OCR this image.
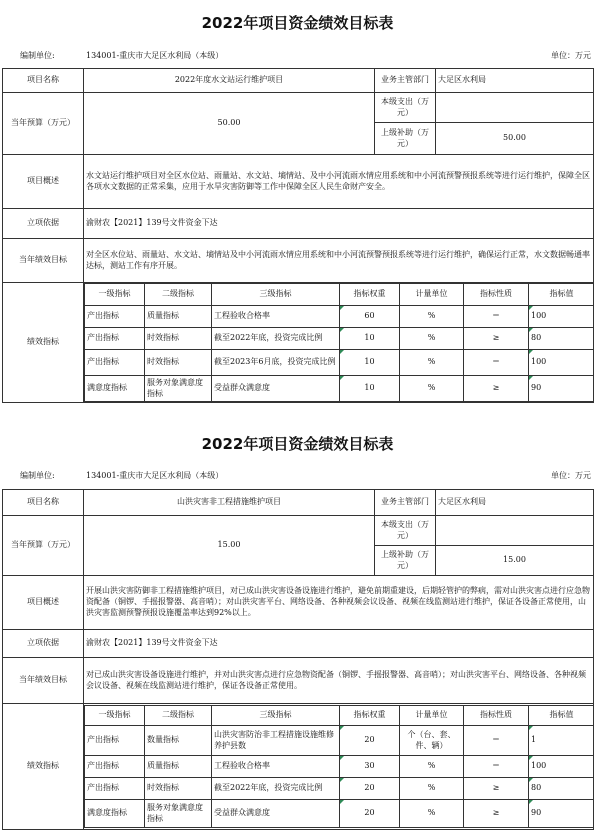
2022年项目资金绩效目标表
编制单位:	134001-重庆市大足区水利局（本级）	单位：万元
项目名称	2022年度水文站运行维护项目	业务主管部门	大足区水利局
当年预算（万元）	50.00	本级支出（万元）	
上级补助（万元）	50.00
项目概述	水文站运行维护项目对全区水位站、雨量站、水文站、墒情站、及中小河流雨水情应用系统和中小河流预警预报系统等进行运行维护，保障全区各项水文数据的正常采集，应用于水旱灾害防御等工作中保障全区人民生命财产安全。
立项依据	渝财农【2021】139号文件资金下达
当年绩效目标	对全区水位站、雨量站、水文站、墒情站及中小河流雨水情应用系统和中小河流预警预报系统等进行运行维护，确保运行正常，水文数据畅通率达标，测站工作有序开展。
绩效指标	
一级指标	二级指标	三级指标	指标权重	计量单位	指标性质	指标值
产出指标	质量指标	工程验收合格率	60	%	＝	100
产出指标	时效指标	截至2022年底，投资完成比例	10	%	≥	80
产出指标	时效指标	截至2023年6月底，投资完成比例	10	%	＝	100
满意度指标	服务对象满意度指标	受益群众满意度	10	%	≥	90
2022年项目资金绩效目标表
编制单位:	134001-重庆市大足区水利局（本级）	单位：万元
项目名称	山洪灾害非工程措施维护项目	业务主管部门	大足区水利局
当年预算（万元）	15.00	本级支出（万元）	
上级补助（万元）	15.00
项目概述	开展山洪灾害防御非工程措施维护项目，对已成山洪灾害设备设施进行维护，避免前期重建设，后期轻管护的弊病，需对山洪灾害点进行应急物资配备（铜锣、手摇报警器、高音哨）；对山洪灾害平台、网络设备、各种视频会议设备、视频在线监测站进行维护，保证各设备正常使用，山洪灾害监测预警预报设施覆盖率达到92%以上。
立项依据	渝财农【2021】139号文件资金下达
当年绩效目标	对已成山洪灾害设备设施进行维护，并对山洪灾害点进行应急物资配备（铜锣、手摇报警器、高音哨）；对山洪灾害平台、网络设备、各种视频会议设备、视频在线监测站进行维护，保证各设备正常使用。
绩效指标	
一级指标	二级指标	三级指标	指标权重	计量单位	指标性质	指标值
产出指标	数量指标	山洪灾害防治非工程措施设施维修养护县数	20	个（台、套、件、辆）	＝	1
产出指标	质量指标	工程验收合格率	30	%	＝	100
产出指标	时效指标	截至2022年底，投资完成比例	20	%	≥	80
满意度指标	服务对象满意度指标	受益群众满意度	20	%	≥	90
